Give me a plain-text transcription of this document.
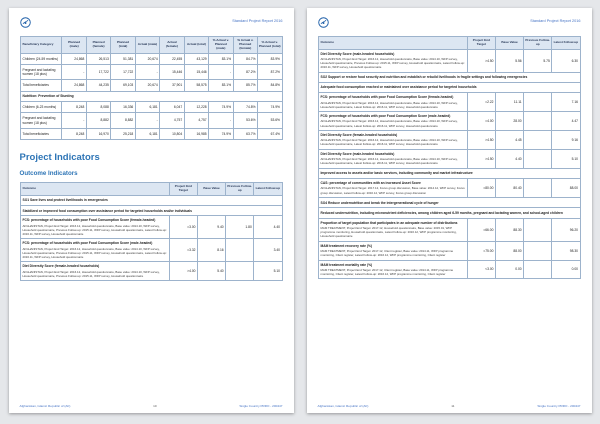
Standard Project Report 2016
Beneficiary Category	Planned (male)	Planned (female)	Planned (total)	Actual (male)	Actual (female)	Actual (total)	% Actual v. Planned (male)	% Actual v. Planned (female)	% Actual v. Planned (total)
Children (24-59 months)	24,868	26,513	51,381	20,674	22,455	43,129	83.1%	84.7%	83.9%
Pregnant and lactating women (18 plus)	-	17,722	17,722	-	15,446	15,446	-	87.2%	87.2%
Total beneficiaries	24,868	44,235	69,103	20,674	37,901	58,575	83.1%	85.7%	84.8%
Nutrition: Prevention of Stunting									
Children (6-23 months)	8,248	8,088	16,336	6,181	6,047	12,228	74.9%	74.8%	74.9%
Pregnant and lactating women (18 plus)	-	8,882	8,882	-	4,757	4,757	-	53.6%	53.6%
Total beneficiaries	8,248	16,970	25,218	6,181	10,804	16,985	74.9%	63.7%	67.4%
Project Indicators
Outcome Indicators
Outcome	Project End Target	Base Value	Previous Follow-up	Latest Follow-up
SO1 Save lives and protect livelihoods in emergencies				
Stabilized or improved food consumption over assistance period for targeted households and/or individuals				

FCS: percentage of households with poor Food Consumption Score (female-headed)
AFGHANISTAN, Project End Target: 2016.12, Household questionnaire, Base value: 2014.10, WFP survey, Household questionnaire, Previous Follow-up: 2015.11, WFP survey, Household questionnaire, Latest Follow-up: 2016.11, WFP survey, Household questionnaire	=3.00	9.40	1.80	4.40

FCS: percentage of households with poor Food Consumption Score (male-headed)
AFGHANISTAN, Project End Target: 2016.12, Household questionnaire, Base value: 2014.10, WFP survey, Household questionnaire, Previous Follow-up: 2015.11, WFP survey, Household questionnaire, Latest Follow-up: 2016.11, WFP survey, Household questionnaire	=3.32	8.16		3.40

Diet Diversity Score (female-headed households)
AFGHANISTAN, Project End Target: 2016.12, Household questionnaire, Base value: 2014.10, WFP survey, Household questionnaire, Previous Follow-up: 2015.11, WFP survey, Household questionnaire	>4.00	5.40		5.10
Afghanistan, Islamic Republic of (AF)	10	Single Country PRRO - 200447
Standard Project Report 2016
Outcome	Project End Target	Base Value	Previous Follow-up	Latest Follow-up

Diet Diversity Score (male-headed households)
AFGHANISTAN, Project End Target: 2016.12, Household questionnaire, Base value: 2014.10, WFP survey, Household questionnaire, Previous Follow-up: 2015.11, WFP survey, Household questionnaire, Latest Follow-up: 2016.11, WFP survey, Household questionnaire	>4.50	5.56	5.75	6.30
SO2 Support or restore food security and nutrition and establish or rebuild livelihoods in fragile settings and following emergencies				
Adequate food consumption reached or maintained over assistance period for targeted households				

FCS: percentage of households with poor Food Consumption Score (female-headed)
AFGHANISTAN, Project End Target: 2016.12, Household questionnaire, Base value: 2014.10, WFP survey, Household questionnaire, Latest Follow-up: 2016.11, WFP survey, Household questionnaire	=2.22	11.11		7.16

FCS: percentage of households with poor Food Consumption Score (male-headed)
AFGHANISTAN, Project End Target: 2016.12, Household questionnaire, Base value: 2014.10, WFP survey, Household questionnaire, Latest Follow-up: 2016.11, WFP survey, Household questionnaire	=4.00	28.00		4.47

Diet Diversity Score (female-headed households)
AFGHANISTAN, Project End Target: 2016.12, Household questionnaire, Base value: 2014.10, WFP survey, Household questionnaire, Latest Follow-up: 2016.11, WFP survey, Household questionnaire	>4.50	4.45		9.16

Diet Diversity Score (male-headed households)
AFGHANISTAN, Project End Target: 2016.12, Household questionnaire, Base value: 2014.10, WFP survey, Household questionnaire, Latest Follow-up: 2016.11, WFP survey, Household questionnaire	>4.50	4.40		5.10
Improved access to assets and/or basic services, including community and market infrastructure				

CAS: percentage of communities with an increased Asset Score
AFGHANISTAN, Project End Target: 2017.12, Focus group discussion, Base value: 2014.12, WFP survey, Focus group discussion, Latest Follow-up: 2016.12, WFP survey, Focus group discussion	=80.00	80.40		88.00
SO4 Reduce undernutrition and break the intergenerational cycle of hunger				
Reduced undernutrition, including micronutrient deficiencies, among children aged 6-59 months, pregnant and lactating women, and school-aged children				

Proportion of target population that participates in an adequate number of distributions
MAM TREATMENT, Project End Target: 2017.12, Household questionnaire, Base value: 2015.01, WFP programme monitoring, Household questionnaire, Latest Follow-up: 2016.12, WFP programme monitoring, Household questionnaire	=66.00	88.30		96.20

MAM treatment recovery rate (%)
MAM TREATMENT, Project End Target: 2017.12, Client register, Base value: 2014.11, WFP programme monitoring, Client register, Latest Follow-up: 2016.12, WFP programme monitoring, Client register	=75.00	88.00		98.30

MAM treatment mortality rate (%)
MAM TREATMENT, Project End Target: 2017.12, Client register, Base value: 2014.11, WFP programme monitoring, Client register, Latest Follow-up: 2016.12, WFP programme monitoring, Client register	<3.00	0.00		0.00
Afghanistan, Islamic Republic of (AF)	11	Single Country PRRO - 200447
